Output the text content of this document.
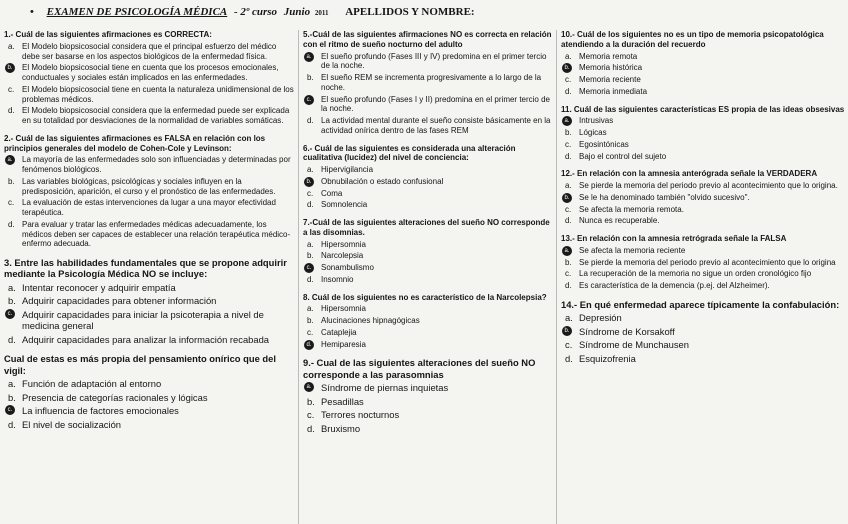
• EXAMEN DE PSICOLOGÍA MÉDICA - 2º curso Junio 2011 APELLIDOS Y NOMBRE:
1.- Cuál de las siguientes afirmaciones es CORRECTA:
a. El Modelo biopsicosocial considera que el principal esfuerzo del médico debe ser basarse en los aspectos biológicos de la enfermedad física.
b.	El Modelo biopsicosocial tiene en cuenta que los procesos emocionales, conductuales y sociales están implicados en las enfermedades.
c. El Modelo biopsicosocial tiene en cuenta la naturaleza unidimensional de los problemas médicos.
d. El Modelo biopsicosocial considera que la enfermedad puede ser explicada en su totalidad por desviaciones de la normalidad de variables somáticas.
2.- Cuál de las siguientes afirmaciones es FALSA en relación con los principios generales del modelo de Cohen-Cole y Levinson:
a.	La mayoría de las enfermedades solo son influenciadas y determinadas por fenómenos biológicos.
b. Las variables biológicas, psicológicas y sociales influyen en la predisposición, aparición, el curso y el pronóstico de las enfermedades.
c. La evaluación de estas intervenciones da lugar a una mayor efectividad terapéutica.
d. Para evaluar y tratar las enfermedades médicas adecuadamente, los médicos deben ser capaces de establecer una relación terapéutica médico-enfermo adecuada.
3. Entre las habilidades fundamentales que se propone adquirir mediante la Psicología Médica NO se incluye:
a. Intentar reconocer y adquirir empatía
b. Adquirir capacidades para obtener información
c. Adquirir capacidades para iniciar la psicoterapia a nivel de medicina general
d. Adquirir capacidades para analizar la información recabada
Cual de estas es más propia del pensamiento onírico que del vigil:
a. Función de adaptación al entorno
b. Presencia de categorías racionales y lógicas
c. La influencia de factores emocionales
d. El nivel de socialización
5.-Cuál de las siguientes afirmaciones NO es correcta en relación con el ritmo de sueño nocturno del adulto
a.	El sueño profundo (Fases III y IV) predomina en el primer tercio de la noche.
b. El sueño REM se incrementa progresivamente a lo largo de la noche.
c.	El sueño profundo (Fases I y II) predomina en el primer tercio de la noche.
d. La actividad mental durante el sueño consiste básicamente en la actividad onírica dentro de las fases REM
6.- Cuál de las siguientes es considerada una alteración cualitativa (lucidez) del nivel de conciencia:
a. Hipervigilancia
b.	Obnubilación o estado confusional
c. Coma
d. Somnolencia
7.-Cuál de las siguientes alteraciones del sueño NO corresponde a las disomnias.
a. Hipersomnia
b. Narcolepsia
c.	Sonambulismo
d. Insomnio
8. Cuál de los siguientes no es característico de la Narcolepsia?
a. Hipersomnia
b. Alucinaciones hipnagógicas
c. Cataplejia
d.	Hemiparesia
9.- Cual de las siguientes alteraciones del sueño NO corresponde a las parasomnias
a. Síndrome de piernas inquietas
b. Pesadillas
c. Terrores nocturnos
d. Bruxismo
10.- Cuál de los siguientes no es un tipo de memoria psicopatológica atendiendo a la duración del recuerdo
a. Memoria remota
b.	Memoria histórica
c. Memoria reciente
d. Memoria inmediata
11. Cuál de las siguientes características ES propia de las ideas obsesivas
a.	Intrusivas
b. Lógicas
c. Egosintónicas
d. Bajo el control del sujeto
12.- En relación con la amnesia anterógrada señale la VERDADERA
a. Se pierde la memoria del periodo previo al acontecimiento que lo origina.
b.	Se le ha denominado también "olvido sucesivo".
c. Se afecta la memoria remota.
d. Nunca es recuperable.
13.- En relación con la amnesia retrógrada señale la FALSA
a.	Se afecta la memoria reciente
b. Se pierde la memoria del periodo previo al acontecimiento que lo origina
c. La recuperación de la memoria no sigue un orden cronológico fijo
d. Es característica de la demencia (p.ej. del Alzheimer).
14.- En qué enfermedad aparece típicamente la confabulación:
a. Depresión
b. Síndrome de Korsakoff
c. Síndrome de Munchausen
d. Esquizofrenia
